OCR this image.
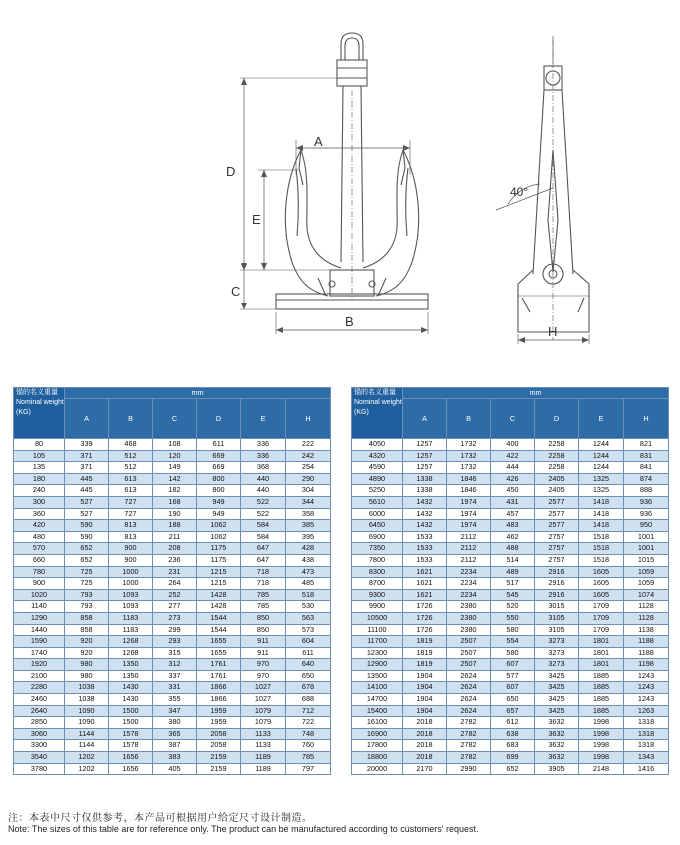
A
D
E
C
B
H
40°
锚的名义重量 Nominal weight (KG)	mm					
	A	B	C	D	E	H
80	339	468	108	611	336	222
105	371	512	120	669	336	242
135	371	512	149	669	368	254
180	445	613	142	800	440	290
240	445	613	182	800	440	304
300	527	727	168	949	522	344
360	527	727	190	949	522	358
420	590	813	188	1062	584	385
480	590	813	211	1062	584	395
570	652	900	208	1175	647	428
660	652	900	236	1175	647	438
780	725	1000	231	1215	718	473
900	725	1000	264	1215	718	485
1020	793	1093	252	1428	785	518
1140	793	1093	277	1428	785	530
1290	858	1183	273	1544	850	563
1440	858	1183	299	1544	850	573
1590	920	1268	293	1655	911	604
1740	920	1268	315	1655	911	611
1920	980	1350	312	1761	970	640
2100	980	1350	337	1761	970	650
2280	1038	1430	331	1866	1027	678
2460	1038	1430	355	1866	1027	688
2640	1090	1500	347	1959	1079	712
2850	1090	1500	380	1959	1079	722
3060	1144	1578	365	2058	1133	748
3300	1144	1578	387	2058	1133	760
3540	1202	1656	383	2159	1189	785
3780	1202	1656	405	2159	1189	797
锚的名义重量 Nominal weight (KG)	mm					
	A	B	C	D	E	H
4050	1257	1732	400	2258	1244	821
4320	1257	1732	422	2258	1244	831
4590	1257	1732	444	2258	1244	841
4890	1338	1846	426	2405	1325	874
5250	1338	1846	450	2405	1325	888
5610	1432	1974	431	2577	1418	936
6000	1432	1974	457	2577	1418	936
6450	1432	1974	483	2577	1418	950
6900	1533	2112	462	2757	1518	1001
7350	1533	2112	488	2757	1518	1001
7800	1533	2112	514	2757	1518	1015
8300	1621	2234	489	2916	1605	1059
8700	1621	2234	517	2916	1605	1059
9300	1621	2234	545	2916	1605	1074
9900	1726	2380	520	3015	1709	1128
10500	1726	2380	550	3105	1709	1128
11100	1726	2380	580	3105	1709	1138
11700	1819	2507	554	3273	1801	1188
12300	1819	2507	580	3273	1801	1188
12900	1819	2507	607	3273	1801	1198
13500	1904	2624	577	3425	1885	1243
14100	1904	2624	607	3425	1885	1243
14700	1904	2624	650	3425	1885	1243
15400	1904	2624	657	3425	1885	1263
16100	2018	2782	612	3632	1998	1318
16900	2018	2782	638	3632	1998	1318
17800	2018	2782	683	3632	1998	1318
18800	2018	2782	699	3632	1998	1343
20000	2170	2990	652	3905	2148	1416
注：本表中尺寸仅供参考，本产品可根据用户给定尺寸设计制造。
Note: The sizes of this table are for reference only. The product can be manufactured according to customers' request.
